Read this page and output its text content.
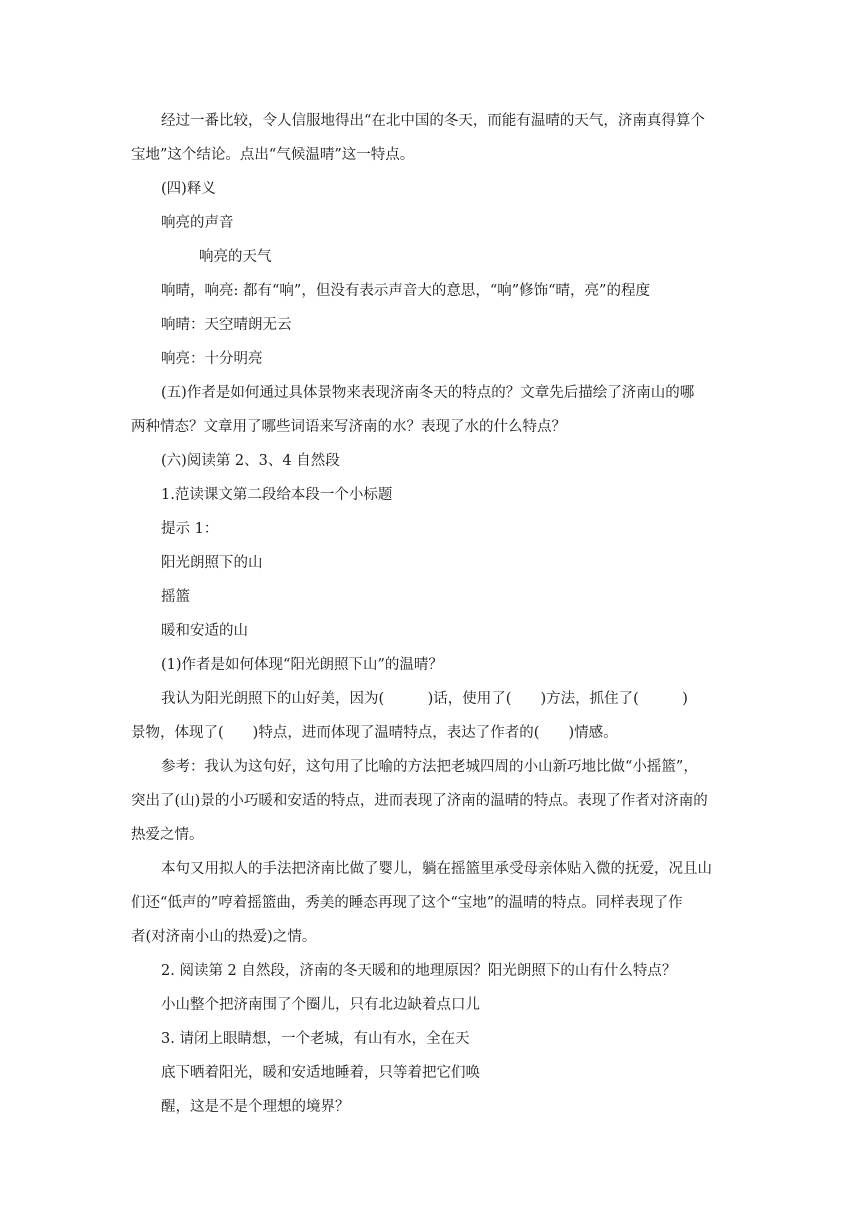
经过一番比较，令人信服地得出“在北中国的冬天，而能有温晴的天气，济南真得算个
宝地”这个结论。点出“气候温晴”这一特点。
(四)释义
响亮的声音
响亮的天气
响晴，响亮: 都有“响”，但没有表示声音大的意思，“响”修饰“晴，亮”的程度
响晴：天空晴朗无云
响亮：十分明亮
(五)作者是如何通过具体景物来表现济南冬天的特点的？文章先后描绘了济南山的哪
两种情态？文章用了哪些词语来写济南的水？表现了水的什么特点？
(六)阅读第 2、3、4 自然段
1.范读课文第二段给本段一个小标题
提示 1：
阳光朗照下的山
摇篮
暖和安适的山
(1)作者是如何体现“阳光朗照下山”的温晴？
我认为阳光朗照下的山好美，因为(　　　)话，使用了(　　)方法，抓住了(　　　)
景物，体现了(　　)特点，进而体现了温晴特点，表达了作者的(　　)情感。
参考：我认为这句好，这句用了比喻的方法把老城四周的小山新巧地比做“小摇篮”，
突出了(山)景的小巧暖和安适的特点，进而表现了济南的温晴的特点。表现了作者对济南的
热爱之情。
本句又用拟人的手法把济南比做了婴儿，躺在摇篮里承受母亲体贴入微的抚爱，况且山
们还“低声的”哼着摇篮曲，秀美的睡态再现了这个“宝地”的温晴的特点。同样表现了作
者(对济南小山的热爱)之情。
2. 阅读第 2 自然段，济南的冬天暖和的地理原因？阳光朗照下的山有什么特点？
小山整个把济南围了个圈儿，只有北边缺着点口儿
3. 请闭上眼睛想，一个老城，有山有水，全在天
底下晒着阳光，暖和安适地睡着，只等着把它们唤
醒，这是不是个理想的境界？
